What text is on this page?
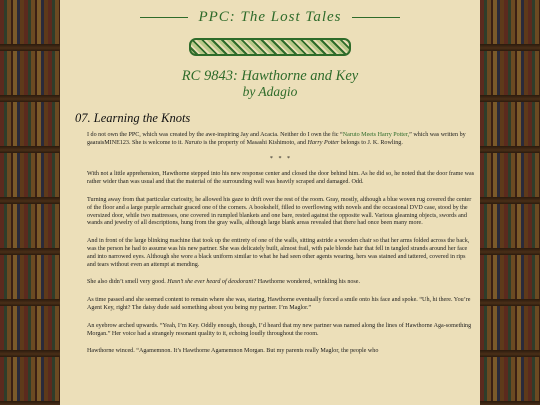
PPC: The Lost Tales
RC 9843: Hawthorne and Key
by Adagio
07. Learning the Knots

I do not own the PPC, which was created by the awe-inspiring Jay and Acacia. Neither do I own the fic “Naruto Meets Harry Potter,” which was written by gaaraisMINE123. She is welcome to it. Naruto is the property of Masashi Kishimoto, and Harry Potter belongs to J. K. Rowling.

* * *

With not a little apprehension, Hawthorne stepped into his new response center and closed the door behind him. As he did so, he noted that the door frame was rather wider than was usual and that the material of the surrounding wall was heavily scraped and damaged. Odd.

Turning away from that particular curiosity, he allowed his gaze to drift over the rest of the room. Gray, mostly, although a blue woven rug covered the center of the floor and a large purple armchair graced one of the corners. A bookshelf, filled to overflowing with novels and the occasional DVD case, stood by the oversized door, while two mattresses, one covered in rumpled blankets and one bare, rested against the opposite wall. Various gleaming objects, swords and wands and jewelry of all descriptions, hung from the gray walls, although large blank areas revealed that there had once been many more.

And in front of the large blinking machine that took up the entirety of one of the walls, sitting astride a wooden chair so that her arms folded across the back, was the person he had to assume was his new partner. She was delicately built, almost frail, with pale blonde hair that fell in tangled strands around her face and into narrowed eyes. Although she wore a black uniform similar to what he had seen other agents wearing, hers was stained and tattered, covered in rips and tears without even an attempt at mending.

She also didn’t smell very good. Hasn’t she ever heard of deodorant? Hawthorne wondered, wrinkling his nose.

As time passed and she seemed content to remain where she was, staring, Hawthorne eventually forced a smile onto his face and spoke. “Uh, hi there. You’re Agent Key, right? The daisy dude said something about you being my partner. I’m Maglor.”

An eyebrow arched upwards. “Yeah, I’m Key. Oddly enough, though, I’d heard that my new partner was named along the lines of Hawthorne Aga-something Morgan.” Her voice had a strangely resonant quality to it, echoing loudly throughout the room.

Hawthorne winced. “Agamemnon. It’s Hawthorne Agamemnon Morgan. But my parents really Maglor, the people who
